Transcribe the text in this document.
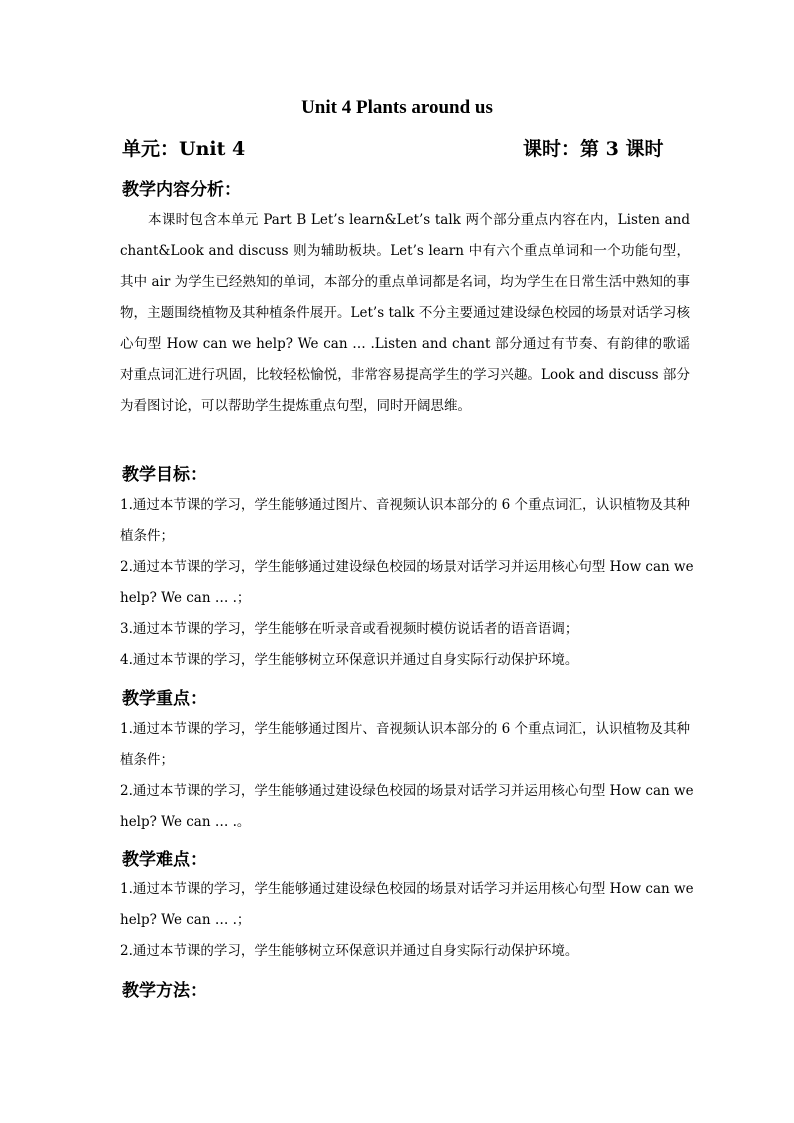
Unit 4 Plants around us
单元：Unit 4	课时：第 3 课时
教学内容分析：
本课时包含本单元 Part B Let’s learn&Let’s talk 两个部分重点内容在内，Listen and chant&Look and discuss 则为辅助板块。Let’s learn 中有六个重点单词和一个功能句型，其中 air 为学生已经熟知的单词，本部分的重点单词都是名词，均为学生在日常生活中熟知的事物，主题围绕植物及其种植条件展开。Let’s talk 不分主要通过建设绿色校园的场景对话学习核心句型 How can we help? We can … .Listen and chant 部分通过有节奏、有韵律的歌谣对重点词汇进行巩固，比较轻松愉悦，非常容易提高学生的学习兴趣。Look and discuss 部分为看图讨论，可以帮助学生提炼重点句型，同时开阔思维。
教学目标：
1.通过本节课的学习，学生能够通过图片、音视频认识本部分的 6 个重点词汇，认识植物及其种植条件；
2.通过本节课的学习，学生能够通过建设绿色校园的场景对话学习并运用核心句型 How can we help? We can … .；
3.通过本节课的学习，学生能够在听录音或看视频时模仿说话者的语音语调；
4.通过本节课的学习，学生能够树立环保意识并通过自身实际行动保护环境。
教学重点：
1.通过本节课的学习，学生能够通过图片、音视频认识本部分的 6 个重点词汇，认识植物及其种植条件；
2.通过本节课的学习，学生能够通过建设绿色校园的场景对话学习并运用核心句型 How can we help? We can … .。
教学难点：
1.通过本节课的学习，学生能够通过建设绿色校园的场景对话学习并运用核心句型 How can we help? We can … .；
2.通过本节课的学习，学生能够树立环保意识并通过自身实际行动保护环境。
教学方法：
